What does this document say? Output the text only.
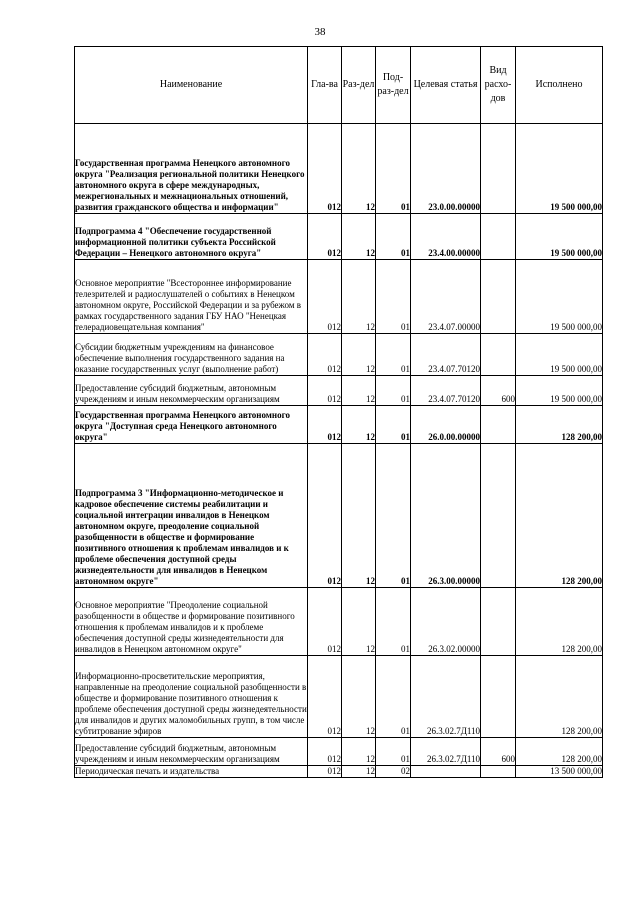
38
Наименование	Гла-ва	Раз-дел	Под-раз-дел	Целевая статья	Вид расхо-дов	Исполнено
Государственная программа Ненецкого автономного округа "Реализация региональной политики Ненецкого автономного округа в сфере международных, межрегиональных и межнациональных отношений, развития гражданского общества и информации"	012	12	01	23.0.00.00000		19 500 000,00
Подпрограмма 4 "Обеспечение государственной информационной политики субъекта Российской Федерации – Ненецкого автономного округа"	012	12	01	23.4.00.00000		19 500 000,00
Основное мероприятие "Всестороннее информирование телезрителей и радиослушателей о событиях в Ненецком автономном округе, Российской Федерации и за рубежом в рамках государственного задания ГБУ НАО "Ненецкая телерадиовещательная компания"	012	12	01	23.4.07.00000		19 500 000,00
Субсидии бюджетным учреждениям на финансовое обеспечение выполнения государственного задания на оказание государственных услуг (выполнение работ)	012	12	01	23.4.07.70120		19 500 000,00
Предоставление субсидий бюджетным, автономным учреждениям и иным некоммерческим организациям	012	12	01	23.4.07.70120	600	19 500 000,00
Государственная программа Ненецкого автономного округа "Доступная среда Ненецкого автономного округа"	012	12	01	26.0.00.00000		128 200,00
Подпрограмма 3 "Информационно-методическое и кадровое обеспечение системы реабилитации и социальной интеграции инвалидов в Ненецком автономном округе, преодоление социальной разобщенности в обществе и формирование позитивного отношения к проблемам инвалидов и к проблеме обеспечения доступной среды жизнедеятельности для инвалидов в Ненецком автономном округе"	012	12	01	26.3.00.00000		128 200,00
Основное мероприятие "Преодоление социальной разобщенности в обществе и формирование позитивного отношения к проблемам инвалидов и к проблеме обеспечения доступной среды жизнедеятельности для инвалидов в Ненецком автономном округе"	012	12	01	26.3.02.00000		128 200,00
Информационно-просветительские мероприятия, направленные на преодоление социальной разобщенности в обществе и формирование позитивного отношения к проблеме обеспечения доступной среды жизнедеятельности для инвалидов и других маломобильных групп, в том числе субтитрование эфиров	012	12	01	26.3.02.7Д110		128 200,00
Предоставление субсидий бюджетным, автономным учреждениям и иным некоммерческим организациям	012	12	01	26.3.02.7Д110	600	128 200,00
Периодическая печать и издательства	012	12	02			13 500 000,00
